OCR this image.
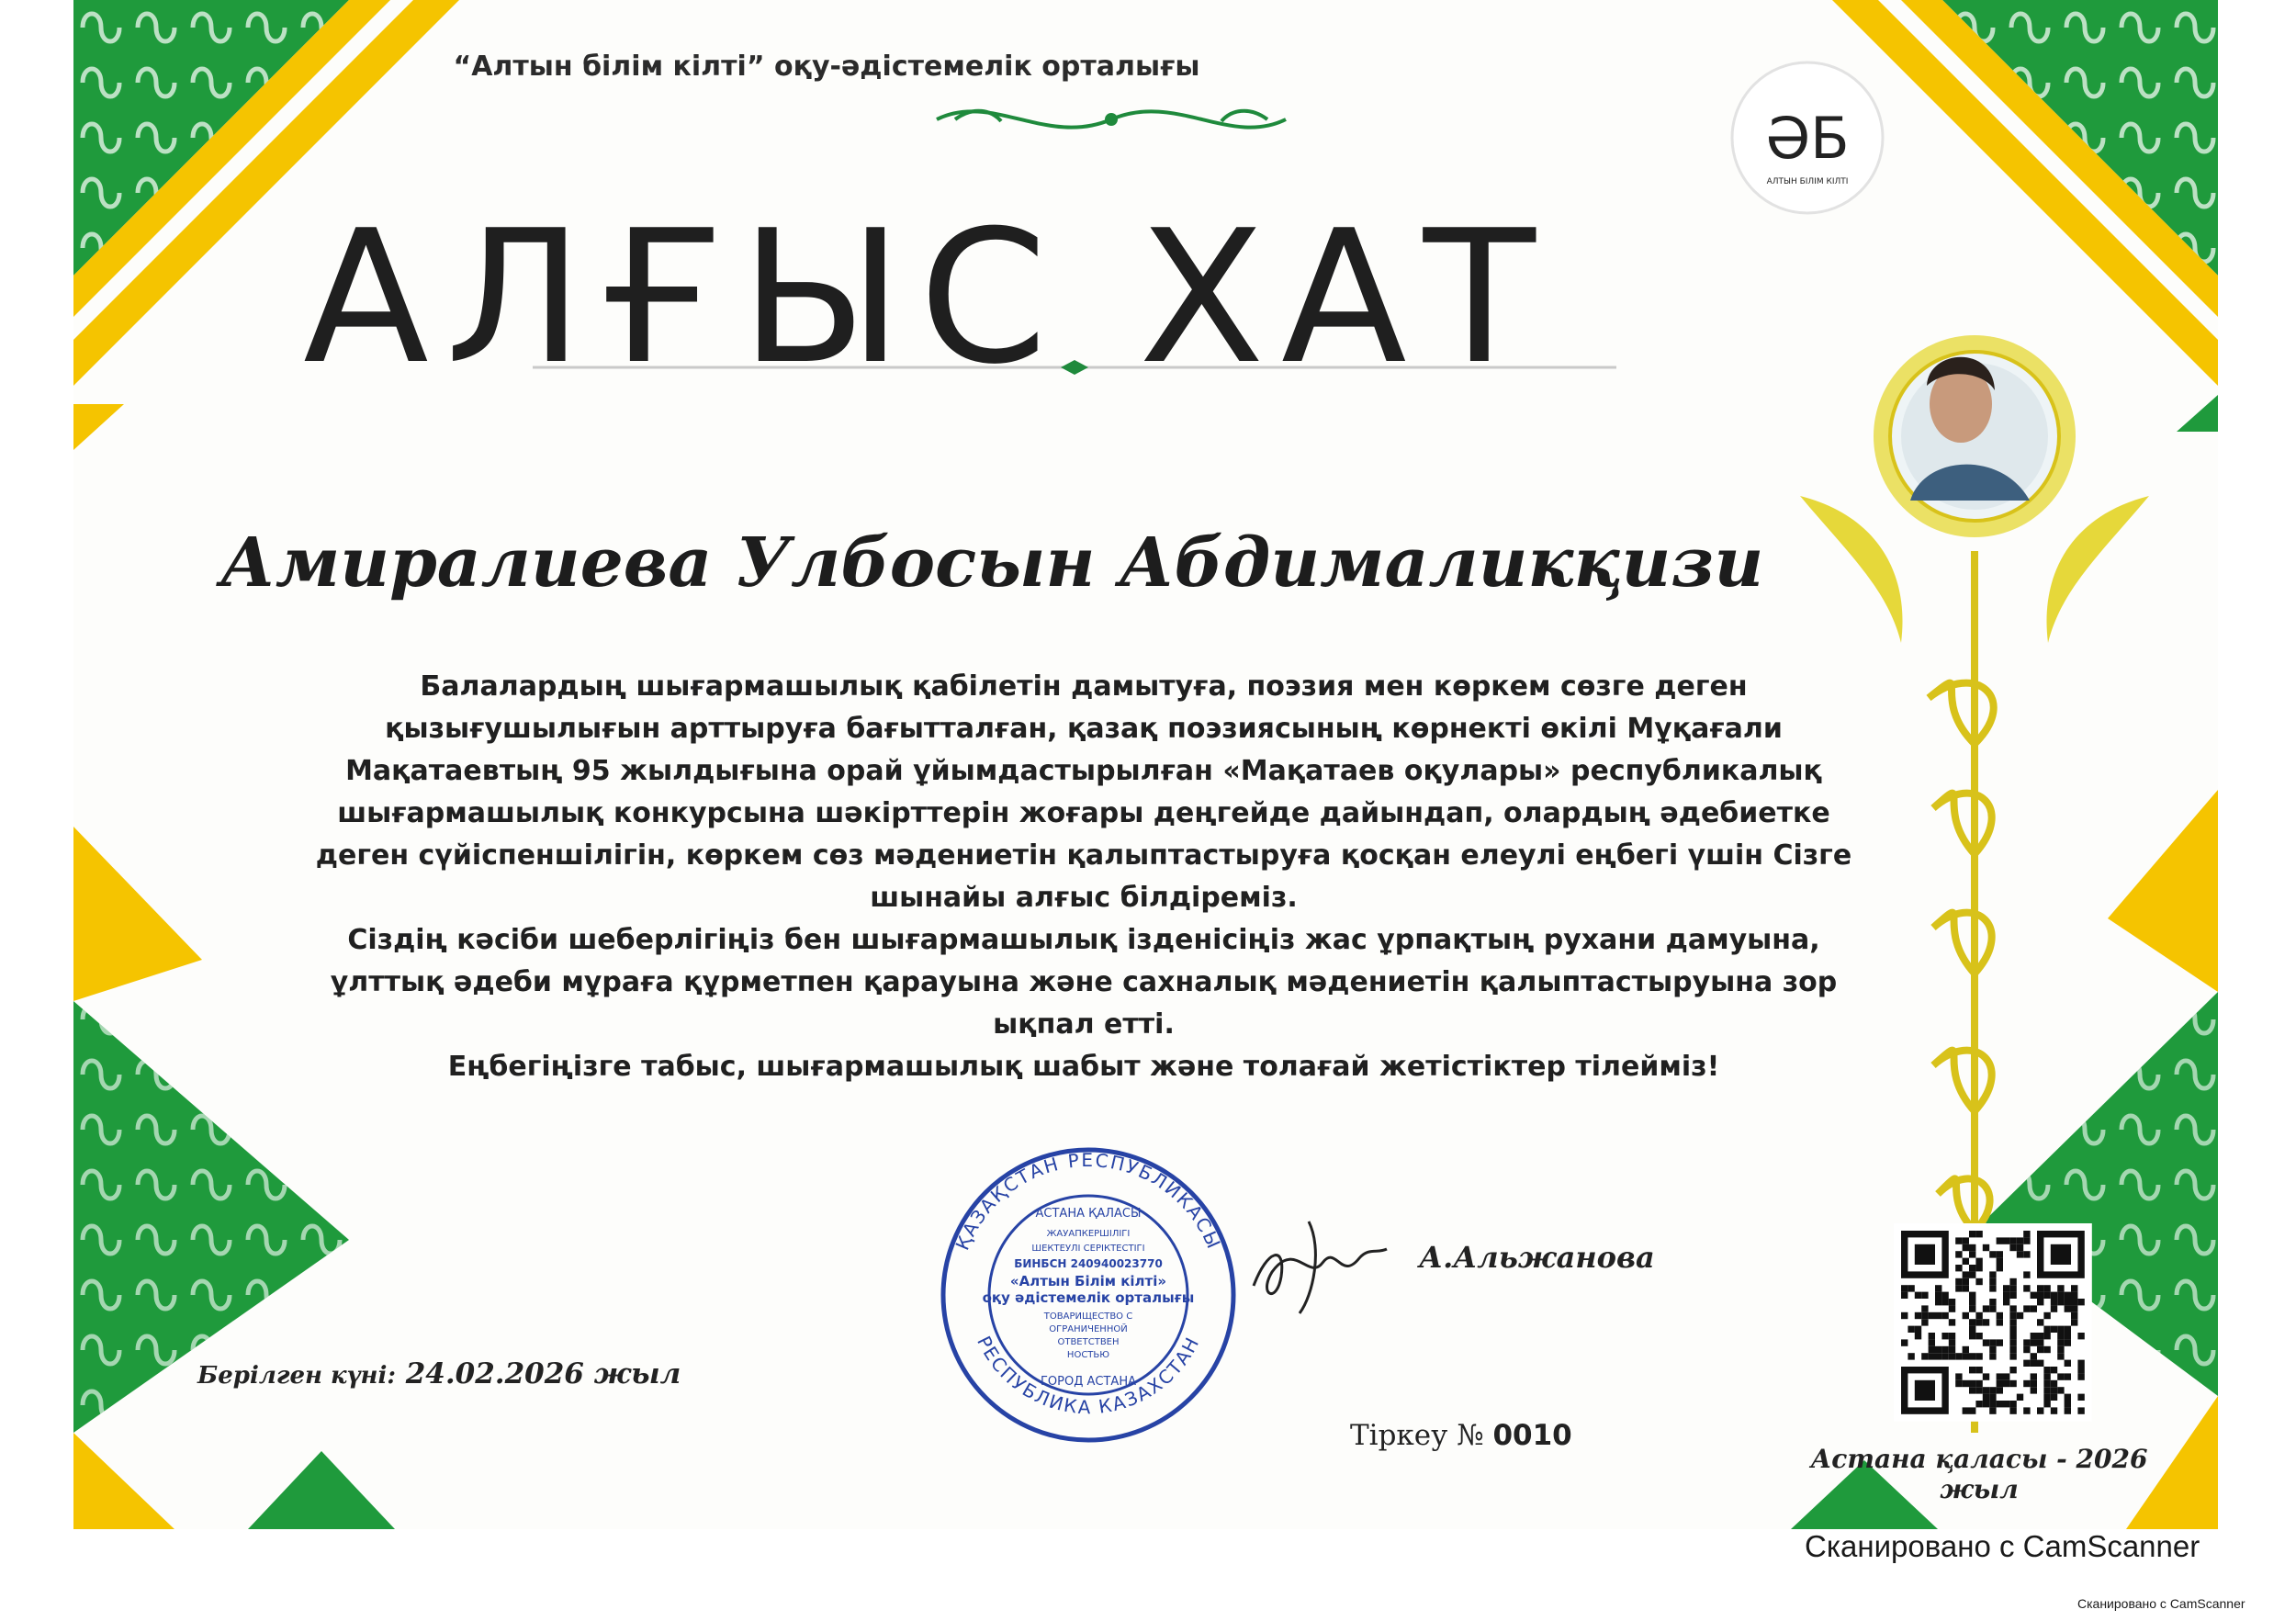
ӘБ
АЛТЫН БІЛІМ КІЛТІ
ҚАЗАҚСТАН РЕСПУБЛИКАСЫ
РЕСПУБЛИКА КАЗАХСТАН
АСТАНА ҚАЛАСЫ
ГОРОД АСТАНА
ЖАУАПКЕРШІЛІГІ
ШЕКТЕУЛІ СЕРІКТЕСТІГІ
БИНБСН 240940023770
«Алтын Білім кілті»
оқу әдістемелік орталығы
ТОВАРИЩЕСТВО С
ОГРАНИЧЕННОЙ
ОТВЕТСТВЕН
НОСТЬЮ
“Алтын білім кілті” оқу-әдістемелік орталығы
АЛҒЫС ХАТ
Амиралиева Улбосын Абдималикқизи

Балалардың шығармашылық қабілетін дамытуға, поэзия мен көркем сөзге деген қызығушылығын арттыруға бағытталған, қазақ поэзиясының көрнекті өкілі Мұқағали Мақатаевтың 95 жылдығына орай ұйымдастырылған «Мақатаев оқулары» республикалық шығармашылық конкурсына шәкірттерін жоғары деңгейде дайындап, олардың әдебиетке деген сүйіспеншілігін, көркем сөз мәдениетін қалыптастыруға қосқан елеулі еңбегі үшін Сізге шынайы алғыс білдіреміз.

Сіздің кәсіби шеберлігіңіз бен шығармашылық ізденісіңіз жас ұрпақтың рухани дамуына, ұлттық әдеби мұраға құрметпен қарауына және сахналық мәдениетін қалыптастыруына зор ықпал етті.

Еңбегіңізге табыс, шығармашылық шабыт және толағай жетістіктер тілейміз!

Берілген күні: 24.02.2026 жыл
А.Альжанова
Тіркеу № 0010
Астана қаласы - 2026 жыл
Сканировано с CamScanner
Сканировано с CamScanner
